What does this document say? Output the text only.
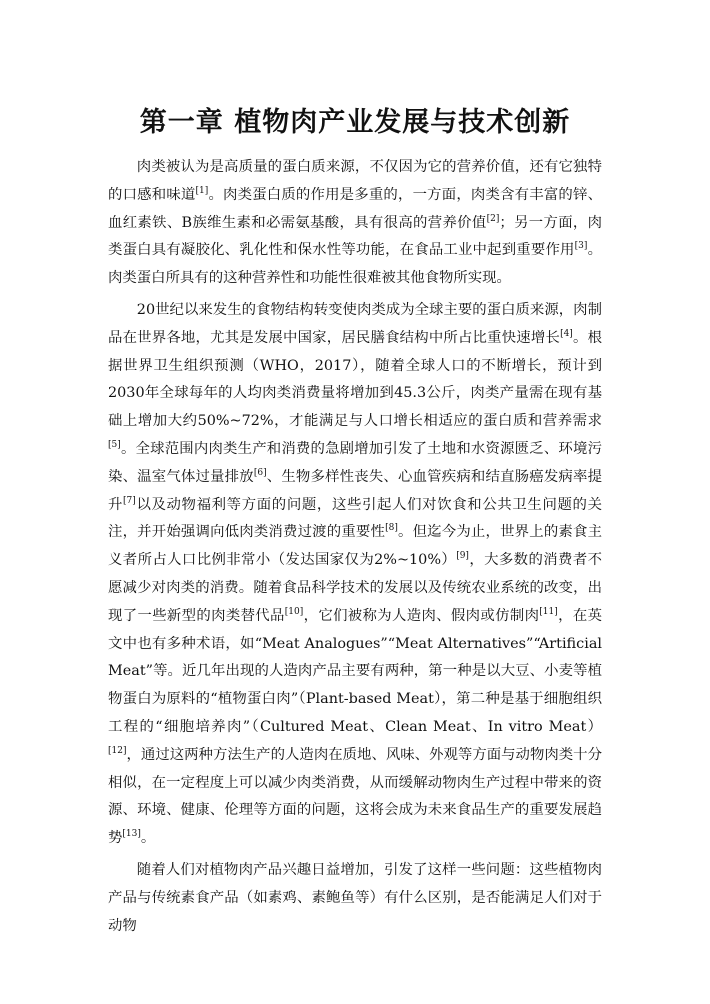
第一章 植物肉产业发展与技术创新

肉类被认为是高质量的蛋白质来源，不仅因为它的营养价值，还有它独特的口感和味道[1]。肉类蛋白质的作用是多重的，一方面，肉类含有丰富的锌、血红素铁、B族维生素和必需氨基酸，具有很高的营养价值[2]；另一方面，肉类蛋白具有凝胶化、乳化性和保水性等功能，在食品工业中起到重要作用[3]。肉类蛋白所具有的这种营养性和功能性很难被其他食物所实现。

20世纪以来发生的食物结构转变使肉类成为全球主要的蛋白质来源，肉制品在世界各地，尤其是发展中国家，居民膳食结构中所占比重快速增长[4]。根据世界卫生组织预测（WHO，2017），随着全球人口的不断增长，预计到2030年全球每年的人均肉类消费量将增加到45.3公斤，肉类产量需在现有基础上增加大约50%~72%，才能满足与人口增长相适应的蛋白质和营养需求[5]。全球范围内肉类生产和消费的急剧增加引发了土地和水资源匮乏、环境污染、温室气体过量排放[6]、生物多样性丧失、心血管疾病和结直肠癌发病率提升[7]以及动物福利等方面的问题，这些引起人们对饮食和公共卫生问题的关注，并开始强调向低肉类消费过渡的重要性[8]。但迄今为止，世界上的素食主义者所占人口比例非常小（发达国家仅为2%~10%）[9]，大多数的消费者不愿减少对肉类的消费。随着食品科学技术的发展以及传统农业系统的改变，出现了一些新型的肉类替代品[10]，它们被称为人造肉、假肉或仿制肉[11]，在英文中也有多种术语，如“Meat Analogues”“Meat Alternatives”“Artificial Meat”等。近几年出现的人造肉产品主要有两种，第一种是以大豆、小麦等植物蛋白为原料的“植物蛋白肉”（Plant-based Meat），第二种是基于细胞组织工程的“细胞培养肉”（Cultured Meat、Clean Meat、In vitro Meat）[12]，通过这两种方法生产的人造肉在质地、风味、外观等方面与动物肉类十分相似，在一定程度上可以减少肉类消费，从而缓解动物肉生产过程中带来的资源、环境、健康、伦理等方面的问题，这将会成为未来食品生产的重要发展趋势[13]。

随着人们对植物肉产品兴趣日益增加，引发了这样一些问题：这些植物肉产品与传统素食产品（如素鸡、素鲍鱼等）有什么区别，是否能满足人们对于动物
